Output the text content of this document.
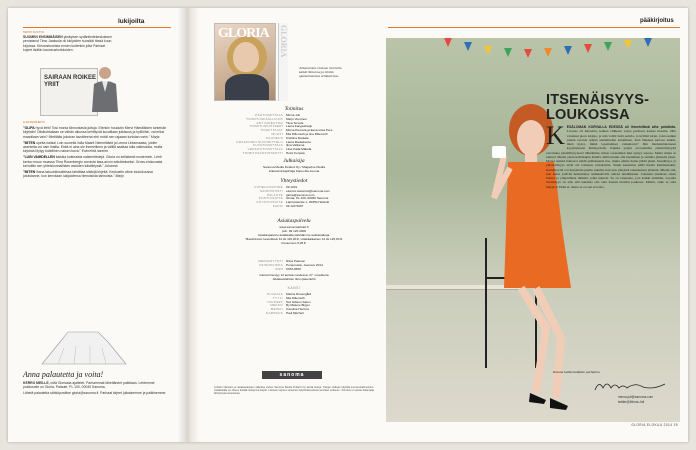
lukijoilta
TEKSTI KUVITUS
SUOMEN ENSIMMÄISEN yksityisen sydäntiedekeskuksen perustanut Timo Jaaksola oli lukijoiden suosikki tässä kuun kirjoissa. Kiinnostuneista ennen kuitenkin jotta Parhaat kojeet lisätiin kauneushoitoloiden.
SAIRAAN ROIKEE YRIIT
LUKIJAKIRJEITÄ
"OLIPA hyvä lehti! Tosi monia kiinnostavia juttuja. Etenkin houdutin Mervi Hämäläisen tunteisiin kirjeisiin! Olisikohtakaan se vähän aikunsa kehittyvät kuvaillaan julkisuus ja hylliöihin, vai miksi maanilaan vain? Mietitääs jokohan tavoitteena ehti mobil sen rajaaan tunistan varin." Marja
"MITEN upeita naisia! Luin suurella ilolla Maarit Niemeläistä ja Leena Lintamaasta, joiden asenteita voi vain ihailla. Ehkä ei aina ole ihmeellinen ja välillä saattaa tulla vaikeuksia, mutta kirjoista löytyy todellinen naisen kuva." Eximehtä narinen
"LUIN VAIHDELLEN kaikkia kotimaisia naistentiedejä. Gloria on sellaisesti modernein. Lehti kertoo muun muassa Tiina Rosenbergin arvoista tasa-arvon edistämiseksi. Gross-elokuvasta kerrottiin sen yhteiskunnallisten asioiden käsittelystä." Johanna
"MITEN ihana tatuointimalleissa tahdittaa siistejä kirjeitä. Keskustin viime toukokuussa jutuistanne, kun kerrotaan lukijoidensa hienoisista tarinoista." Marjo
Anna palautetta ja voita!
KERRO MEILLE, mitä Gloriasta ajattelet. Parhaimmat lähettäneet palkitaan. Lehtemme postiosoite on Gloria, Palaute, PL 100, 00040 Sanoma.
Lähetä palautetta sähköpostitse gloria@sanoma.fi. Parhaat kirjeet julkaisemme ja palkitsemme.
GLORIA GLORIA
Julkaisemme elokuun Glorialla kaikki Taiteessa ja lehtien ajankohtaisissa artikkeleissa.
Toimitus
PÄÄTOIMITTAJA Minna Juti
TOIMITUSPÄÄLLIKKÖ Marjo Vuorinen
ART DIRECTOR Tiina Tervola
TOIMITUSSIHTEERI Laura Kangasharju
TOIMITTAJAT Minna Klemola ja Eeva-Liisa Pere
MUOTI Mia Dillemuth ja Iina Dillemuth
KAUNEUS Kristiina Rantala
GRAAFINEN SUUNNITTELU Laura Rautakoura
KUVATOIMITTAJA Iiina Valkama
VERKKOTOIMITTAJA Liisa Kaila-Mäkelä
TOIMITUSASSISTENTTI Heini Korpela
Julkaisija
Sanoma Media Finland Oy / Magazine Media
Liiketoimintajohtaja Kaisu Ala-Luoma
Yhteystiedot
PUHELINVAIHDE 09 1201
SÄHKÖPOSTI etunimi.sukunimi@sanoma.com
PALAUTE gloria@sanoma.com
POSTIOSOITE Gloria, PL 100, 00040 Sanoma
KÄYNTIOSOITE Lapinmäentie 1, 00350 Helsinki
FAKSI 09 120 5307
Asiakaspalvelu
www.sanomalehdet.fi
puh. 09 120 4900
Asiakaspalvelu asiakkailla päivitämme aukioloaikoja.
Tilaushinnat: kestotilaus 12 kk 119,90 €, määräaikainen 12 kk 125,90 €.
Irtonumero 9,95 €.
MEDIAMYYNTI Niina Palonen
PAINOPAIKKA Punamusta, Joensuu 2014
ISSN 0783-9650
Gloria ilmestyy 12 kertaa vuodessa, 27. vuosikerta
Aikakauslehtien liiton jäsenlehti
KANSI
KUVAAJA Marica Rosengård
TYYLI Mia Dillemuth
HIUKSET Ted Gibson Salon
MEKKO By Malene Birger
MEIKKI Carolina Herrera
KAMPAUS Paul Mitchell
sanoma
Lehden tilausten ja asiakastietojen ylläpitoa varten Sanoma Media Finland Oy kerää tietoja. Tietoja voidaan käyttää suoramarkkinointiin. Asiakkaalla on oikeus kieltää tietojensa käyttö. Lehteen tarjotun aineiston käyttöoikeudesta sovitaan erikseen. Toimitus ei vastaa tilaamatta lähetetystä aineistosta.
pääkirjoitus
ITSENÄISYYS-LOUKOSSA
K ESÄLOMAN KORVALLA EDESSÄ oli ihmeteltävä aihe pohdinta. Lavassa oli kiireetön, kaiken vilkkeen vapaa puolison kanssa maailla. Olin varannut piece kirjoja, ja niin valitti lisää pahvia- ja kylmiä kirjat, joista kaikki jonkin tavaran tyhjän suunnittelun antaminen. Kun läheisen kertaaa lenkin, minä kysyi, mitkä lopettamiset vaikuttavat? Jäin mielenkiintoiseen kysymykseen ihmisyydelle. Kuinka paljon arvostamme yhteisöllisyyttä verrattuna yksilöllisyyteen? Mietimme, miten sosiaalinen tuki syntyy arjessa. Mutta miten se tuntuu? Mietin yksin kahvikupin äärellä, miltä tuntuu olla itsenäinen ja samalla yhteisön jäsen. Monet meistä haluavat tehdä päätöksensä itse, mutta emme halua jäädä yksin. Itsenäisyys ja yhteisöllisyys eivät ole toistensa vastakohtia. Sinun kannattaa pitää huolta kummastakin. Itsenäisyyttä voi harjoitella pienin askelin, kun taas yhteisöä rakennetaan yhdessä. Mietin sitä, kun kaksi ystävää keskustelee aamukahvilla omista unelmistaan. Jokainen ansaitsee oman tilansa ja ympärilleen ihmisiä, jotka tukevat. Se on tasapaino, jota kaikki etsimme. Lopulta itsenäisyys on sitä, että uskaltaa olla oma itsensä muiden joukossa. Mietin, onko se aina helppoa? Ehkä ei, mutta se on sen arvoista.
Kotona kaikki kaikkien parhaiten.
minna.juti@sanoma.com
twitter@Minna.Juti
GLORIA ELOKUU 2014 39
